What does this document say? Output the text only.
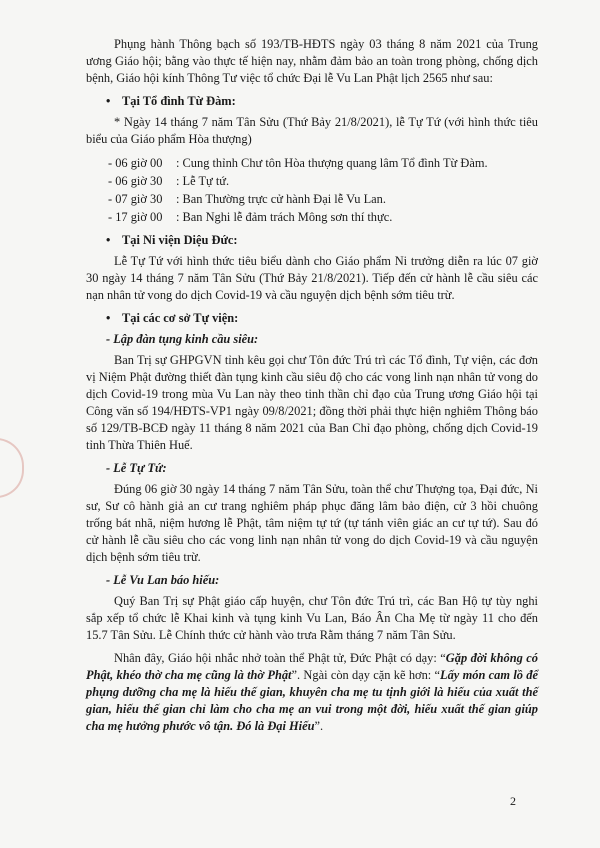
Phụng hành Thông bạch số 193/TB-HĐTS ngày 03 tháng 8 năm 2021 của Trung ương Giáo hội; bằng vào thực tế hiện nay, nhằm đảm bảo an toàn trong phòng, chống dịch bệnh, Giáo hội kính Thông Tư việc tổ chức Đại lễ Vu Lan Phật lịch 2565 như sau:

• Tại Tổ đình Từ Đàm:

* Ngày 14 tháng 7 năm Tân Sửu (Thứ Bảy 21/8/2021), lễ Tự Tứ (với hình thức tiêu biểu của Giáo phẩm Hòa thượng)

- 06 giờ 00	: Cung thỉnh Chư tôn Hòa thượng quang lâm Tổ đình Từ Đàm.
- 06 giờ 30	: Lễ Tự tứ.
- 07 giờ 30	: Ban Thường trực cử hành Đại lễ Vu Lan.
- 17 giờ 00	: Ban Nghi lễ đảm trách Mông sơn thí thực.
• Tại Ni viện Diệu Đức:

Lễ Tự Tứ với hình thức tiêu biểu dành cho Giáo phẩm Ni trưởng diễn ra lúc 07 giờ 30 ngày 14 tháng 7 năm Tân Sửu (Thứ Bảy 21/8/2021). Tiếp đến cử hành lễ cầu siêu các nạn nhân tử vong do dịch Covid-19 và cầu nguyện dịch bệnh sớm tiêu trừ.

• Tại các cơ sở Tự viện:
- Lập đàn tụng kinh cầu siêu:

Ban Trị sự GHPGVN tỉnh kêu gọi chư Tôn đức Trú trì các Tổ đình, Tự viện, các đơn vị Niệm Phật đường thiết đàn tụng kinh cầu siêu độ cho các vong linh nạn nhân tử vong do dịch Covid-19 trong mùa Vu Lan này theo tinh thần chỉ đạo của Trung ương Giáo hội tại Công văn số 194/HĐTS-VP1 ngày 09/8/2021; đồng thời phải thực hiện nghiêm Thông báo số 129/TB-BCĐ ngày 11 tháng 8 năm 2021 của Ban Chỉ đạo phòng, chống dịch Covid-19 tỉnh Thừa Thiên Huế.

- Lễ Tự Tứ:

Đúng 06 giờ 30 ngày 14 tháng 7 năm Tân Sửu, toàn thể chư Thượng tọa, Đại đức, Ni sư, Sư cô hành giả an cư trang nghiêm pháp phục đăng lâm bảo điện, cử 3 hồi chuông trống bát nhã, niệm hương lễ Phật, tâm niệm tự tứ (tự tánh viên giác an cư tự tứ). Sau đó cử hành lễ cầu siêu cho các vong linh nạn nhân tử vong do dịch Covid-19 và cầu nguyện dịch bệnh sớm tiêu trừ.

- Lễ Vu Lan báo hiếu:

Quý Ban Trị sự Phật giáo cấp huyện, chư Tôn đức Trú trì, các Ban Hộ tự tùy nghi sắp xếp tổ chức lễ Khai kinh và tụng kinh Vu Lan, Báo Ân Cha Mẹ từ ngày 11 cho đến 15.7 Tân Sửu. Lễ Chính thức cử hành vào trưa Rằm tháng 7 năm Tân Sửu.

Nhân đây, Giáo hội nhắc nhở toàn thể Phật tử, Đức Phật có dạy: “Gặp đời không có Phật, khéo thờ cha mẹ cũng là thờ Phật”. Ngài còn dạy cặn kẽ hơn: “Lấy món cam lồ để phụng dưỡng cha mẹ là hiếu thế gian, khuyên cha mẹ tu tịnh giới là hiếu của xuất thế gian, hiếu thế gian chỉ làm cho cha mẹ an vui trong một đời, hiếu xuất thế gian giúp cha mẹ hưởng phước vô tận. Đó là Đại Hiếu”.

2
